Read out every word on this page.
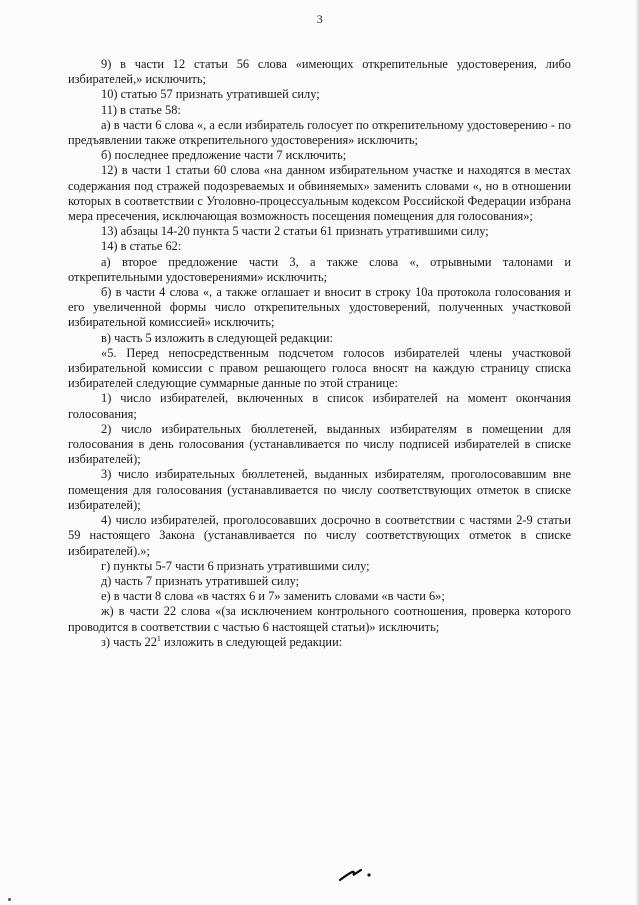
3

9) в части 12 статьи 56 слова «имеющих открепительные удостоверения, либо избирателей,» исключить;

10) статью 57 признать утратившей силу;

11) в статье 58:

а) в части 6 слова «, а если избиратель голосует по открепительному удостоверению - по предъявлении также открепительного удостоверения» исключить;

б) последнее предложение части 7 исключить;

12) в части 1 статьи 60 слова «на данном избирательном участке и находятся в местах содержания под стражей подозреваемых и обвиняемых» заменить словами «, но в отношении которых в соответствии с Уголовно-процессуальным кодексом Российской Федерации избрана мера пресечения, исключающая возможность посещения помещения для голосования»;

13) абзацы 14-20 пункта 5 части 2 статьи 61 признать утратившими силу;

14) в статье 62:

а) второе предложение части 3, а также слова «, отрывными талонами и открепительными удостоверениями» исключить;

б) в части 4 слова «, а также оглашает и вносит в строку 10а протокола голосования и его увеличенной формы число открепительных удостоверений, полученных участковой избирательной комиссией» исключить;

в) часть 5 изложить в следующей редакции:

«5. Перед непосредственным подсчетом голосов избирателей члены участковой избирательной комиссии с правом решающего голоса вносят на каждую страницу списка избирателей следующие суммарные данные по этой странице:

1) число избирателей, включенных в список избирателей на момент окончания голосования;

2) число избирательных бюллетеней, выданных избирателям в помещении для голосования в день голосования (устанавливается по числу подписей избирателей в списке избирателей);

3) число избирательных бюллетеней, выданных избирателям, проголосовавшим вне помещения для голосования (устанавливается по числу соответствующих отметок в списке избирателей);

4) число избирателей, проголосовавших досрочно в соответствии с частями 2-9 статьи 59 настоящего Закона (устанавливается по числу соответствующих отметок в списке избирателей).»;

г) пункты 5-7 части 6 признать утратившими силу;

д) часть 7 признать утратившей силу;

е) в части 8 слова «в частях 6 и 7» заменить словами «в части 6»;

ж) в части 22 слова «(за исключением контрольного соотношения, проверка которого проводится в соответствии с частью 6 настоящей статьи)» исключить;

з) часть $22^1$ изложить в следующей редакции:
